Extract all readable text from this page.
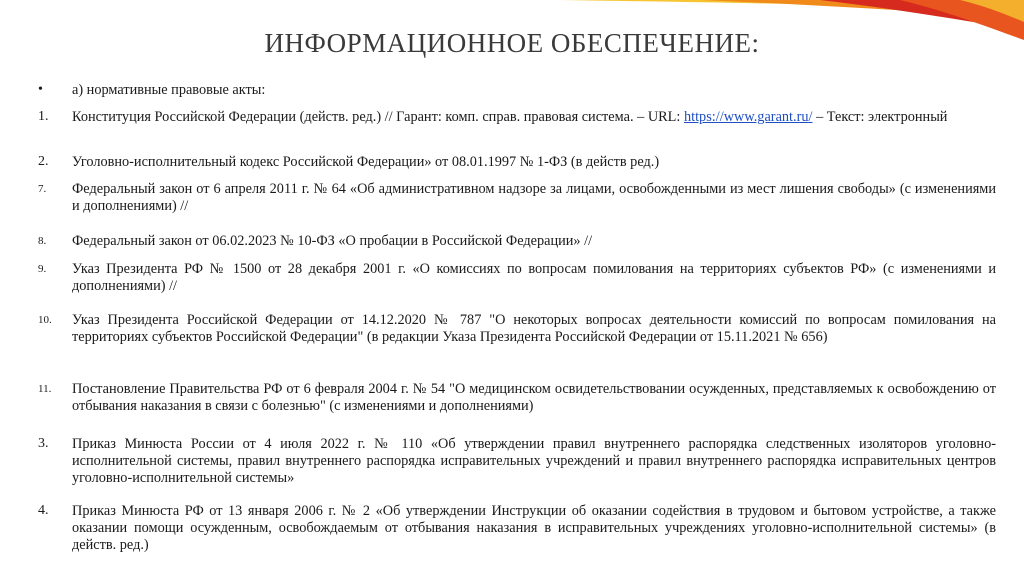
ИНФОРМАЦИОННОЕ ОБЕСПЕЧЕНИЕ:
•	а) нормативные правовые акты:
1.	Конституция Российской Федерации (действ. ред.) // Гарант: комп. справ. правовая система. – URL: https://www.garant.ru/ – Текст: электронный
2.	Уголовно-исполнительный кодекс Российской Федерации» от 08.01.1997 № 1-ФЗ (в действ ред.)
7.	Федеральный закон от 6 апреля 2011 г. № 64 «Об административном надзоре за лицами, освобожденными из мест лишения свободы» (с изменениями и дополнениями) //
8.	Федеральный закон от 06.02.2023 № 10-ФЗ «О пробации в Российской Федерации» //
9.	Указ Президента РФ № 1500 от 28 декабря 2001 г. «О комиссиях по вопросам помилования на территориях субъектов РФ» (с изменениями и дополнениями) //
10.	Указ Президента Российской Федерации от 14.12.2020 № 787 "О некоторых вопросах деятельности комиссий по вопросам помилования на территориях субъектов Российской Федерации" (в редакции Указа Президента Российской Федерации от 15.11.2021 № 656)
11.	Постановление Правительства РФ от 6 февраля 2004 г. № 54 "О медицинском освидетельствовании осужденных, представляемых к освобождению от отбывания наказания в связи с болезнью" (с изменениями и дополнениями)
3.	Приказ Минюста России от 4 июля 2022 г. № 110 «Об утверждении правил внутреннего распорядка следственных изоляторов уголовно-исполнительной системы, правил внутреннего распорядка исправительных учреждений и правил внутреннего распорядка исправительных центров уголовно-исполнительной системы»
4.	Приказ Минюста РФ от 13 января 2006 г. № 2 «Об утверждении Инструкции об оказании содействия в трудовом и бытовом устройстве, а также оказании помощи осужденным, освобождаемым от отбывания наказания в исправительных учреждениях уголовно-исполнительной системы» (в действ. ред.)
